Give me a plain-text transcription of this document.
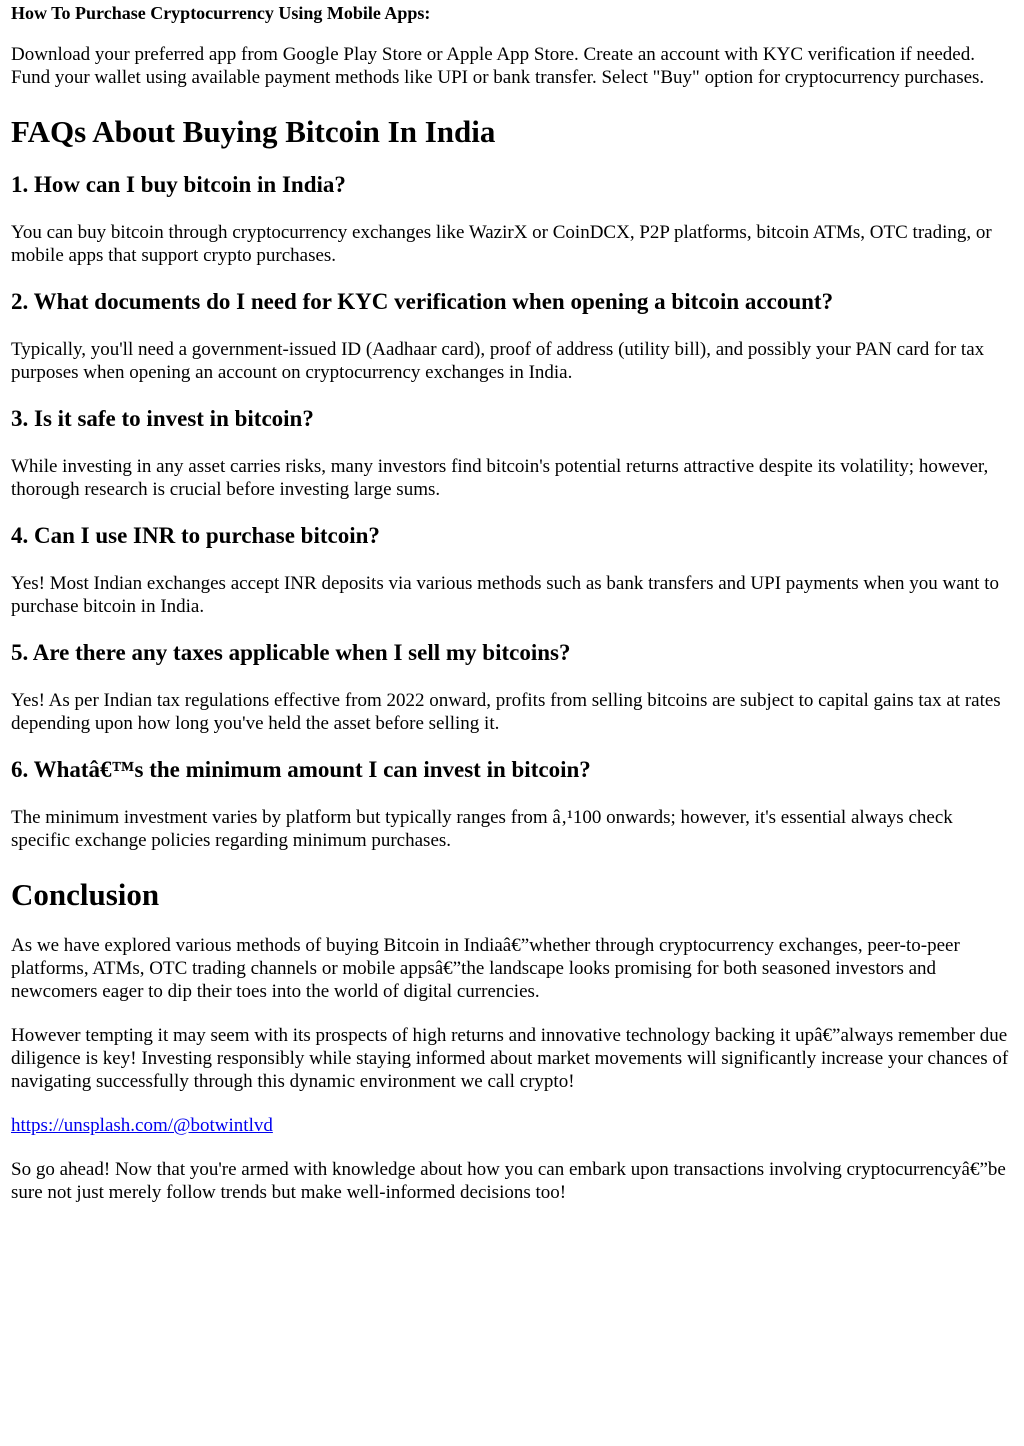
How To Purchase Cryptocurrency Using Mobile Apps:

Download your preferred app from Google Play Store or Apple App Store. Create an account with KYC verification if needed. Fund your wallet using available payment methods like UPI or bank transfer. Select "Buy" option for cryptocurrency purchases.

FAQs About Buying Bitcoin In India
1. How can I buy bitcoin in India?

You can buy bitcoin through cryptocurrency exchanges like WazirX or CoinDCX, P2P platforms, bitcoin ATMs, OTC trading, or mobile apps that support crypto purchases.

2. What documents do I need for KYC verification when opening a bitcoin account?

Typically, you'll need a government-issued ID (Aadhaar card), proof of address (utility bill), and possibly your PAN card for tax purposes when opening an account on cryptocurrency exchanges in India.

3. Is it safe to invest in bitcoin?

While investing in any asset carries risks, many investors find bitcoin's potential returns attractive despite its volatility; however, thorough research is crucial before investing large sums.

4. Can I use INR to purchase bitcoin?

Yes! Most Indian exchanges accept INR deposits via various methods such as bank transfers and UPI payments when you want to purchase bitcoin in India.

5. Are there any taxes applicable when I sell my bitcoins?

Yes! As per Indian tax regulations effective from 2022 onward, profits from selling bitcoins are subject to capital gains tax at rates depending upon how long you've held the asset before selling it.

6. Whatâ€™s the minimum amount I can invest in bitcoin?

The minimum investment varies by platform but typically ranges from â‚¹100 onwards; however, it's essential always check specific exchange policies regarding minimum purchases.

Conclusion

As we have explored various methods of buying Bitcoin in Indiaâ€”whether through cryptocurrency exchanges, peer-to-peer platforms, ATMs, OTC trading channels or mobile appsâ€”the landscape looks promising for both seasoned investors and newcomers eager to dip their toes into the world of digital currencies.

However tempting it may seem with its prospects of high returns and innovative technology backing it upâ€”always remember due diligence is key! Investing responsibly while staying informed about market movements will significantly increase your chances of navigating successfully through this dynamic environment we call crypto!

https://unsplash.com/@botwintlvd

So go ahead! Now that you're armed with knowledge about how you can embark upon transactions involving cryptocurrencyâ€”be sure not just merely follow trends but make well-informed decisions too!
